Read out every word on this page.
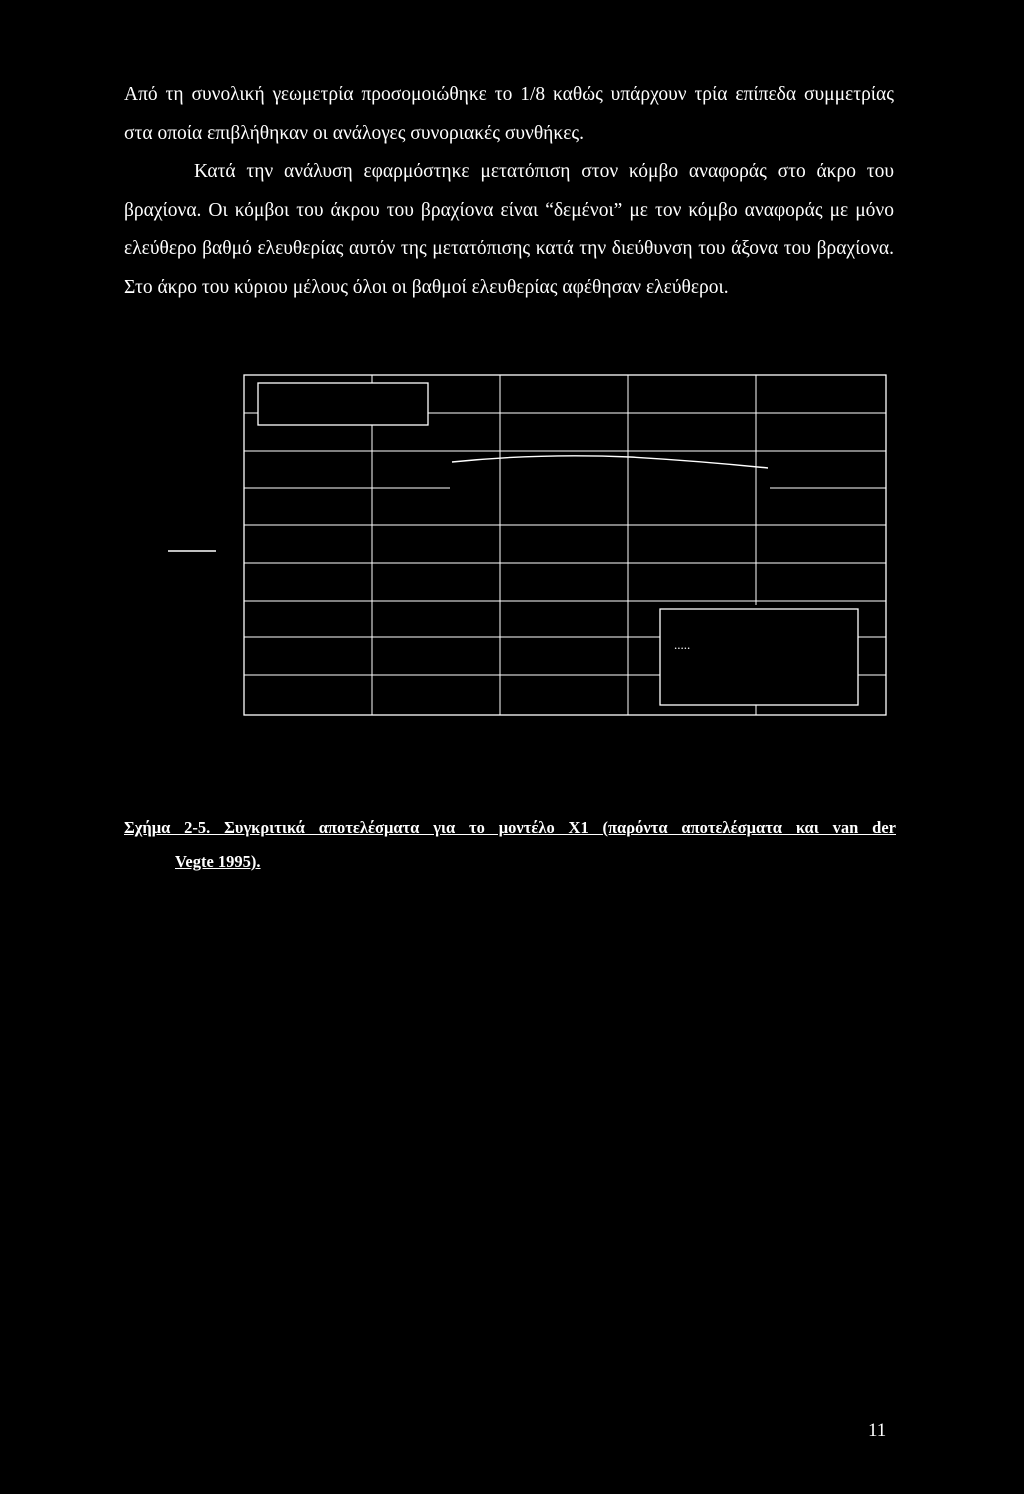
Από τη συνολική γεωμετρία προσομοιώθηκε το 1/8 καθώς υπάρχουν τρία επίπεδα συμμετρίας στα οποία επιβλήθηκαν οι ανάλογες συνοριακές συνθήκες.

Κατά την ανάλυση εφαρμόστηκε μετατόπιση στον κόμβο αναφοράς στο άκρο του βραχίονα. Οι κόμβοι του άκρου του βραχίονα είναι “δεμένοι” με τον κόμβο αναφοράς με μόνο ελεύθερο βαθμό ελευθερίας αυτόν της μετατόπισης κατά την διεύθυνση του άξονα του βραχίονα. Στο άκρο του κύριου μέλους όλοι οι βαθμοί ελευθερίας αφέθησαν ελεύθεροι.

.....

Σχήμα 2-5. Συγκριτικά αποτελέσματα για το μοντέλο X1 (παρόντα αποτελέσματα και van der

Vegte 1995).

11
